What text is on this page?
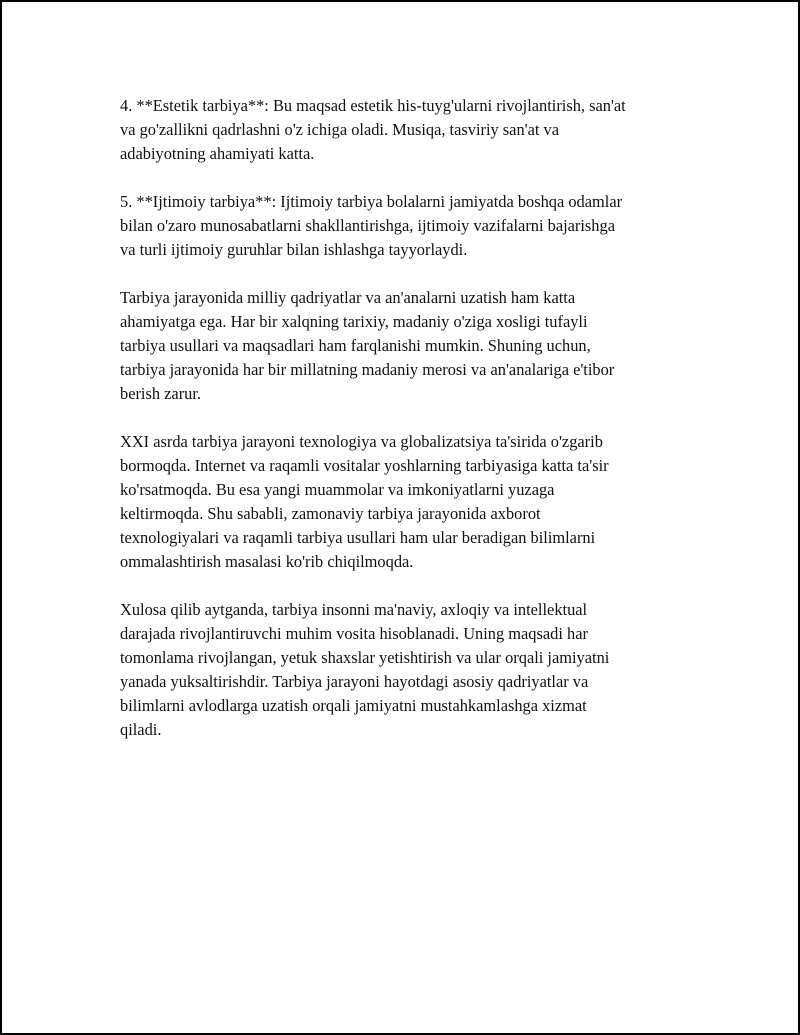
4. **Estetik tarbiya**: Bu maqsad estetik his-tuyg'ularni rivojlantirish, san'at
va go'zallikni qadrlashni o'z ichiga oladi. Musiqa, tasviriy san'at va
adabiyotning ahamiyati katta.

5. **Ijtimoiy tarbiya**: Ijtimoiy tarbiya bolalarni jamiyatda boshqa odamlar
bilan o'zaro munosabatlarni shakllantirishga, ijtimoiy vazifalarni bajarishga
va turli ijtimoiy guruhlar bilan ishlashga tayyorlaydi.

Tarbiya jarayonida milliy qadriyatlar va an'analarni uzatish ham katta
ahamiyatga ega. Har bir xalqning tarixiy, madaniy o'ziga xosligi tufayli
tarbiya usullari va maqsadlari ham farqlanishi mumkin. Shuning uchun,
tarbiya jarayonida har bir millatning madaniy merosi va an'analariga e'tibor
berish zarur.

XXI asrda tarbiya jarayoni texnologiya va globalizatsiya ta'sirida o'zgarib
bormoqda. Internet va raqamli vositalar yoshlarning tarbiyasiga katta ta'sir
ko'rsatmoqda. Bu esa yangi muammolar va imkoniyatlarni yuzaga
keltirmoqda. Shu sababli, zamonaviy tarbiya jarayonida axborot
texnologiyalari va raqamli tarbiya usullari ham ular beradigan bilimlarni
ommalashtirish masalasi ko'rib chiqilmoqda.

Xulosa qilib aytganda, tarbiya insonni ma'naviy, axloqiy va intellektual
darajada rivojlantiruvchi muhim vosita hisoblanadi. Uning maqsadi har
tomonlama rivojlangan, yetuk shaxslar yetishtirish va ular orqali jamiyatni
yanada yuksaltirishdir. Tarbiya jarayoni hayotdagi asosiy qadriyatlar va
bilimlarni avlodlarga uzatish orqali jamiyatni mustahkamlashga xizmat
qiladi.
